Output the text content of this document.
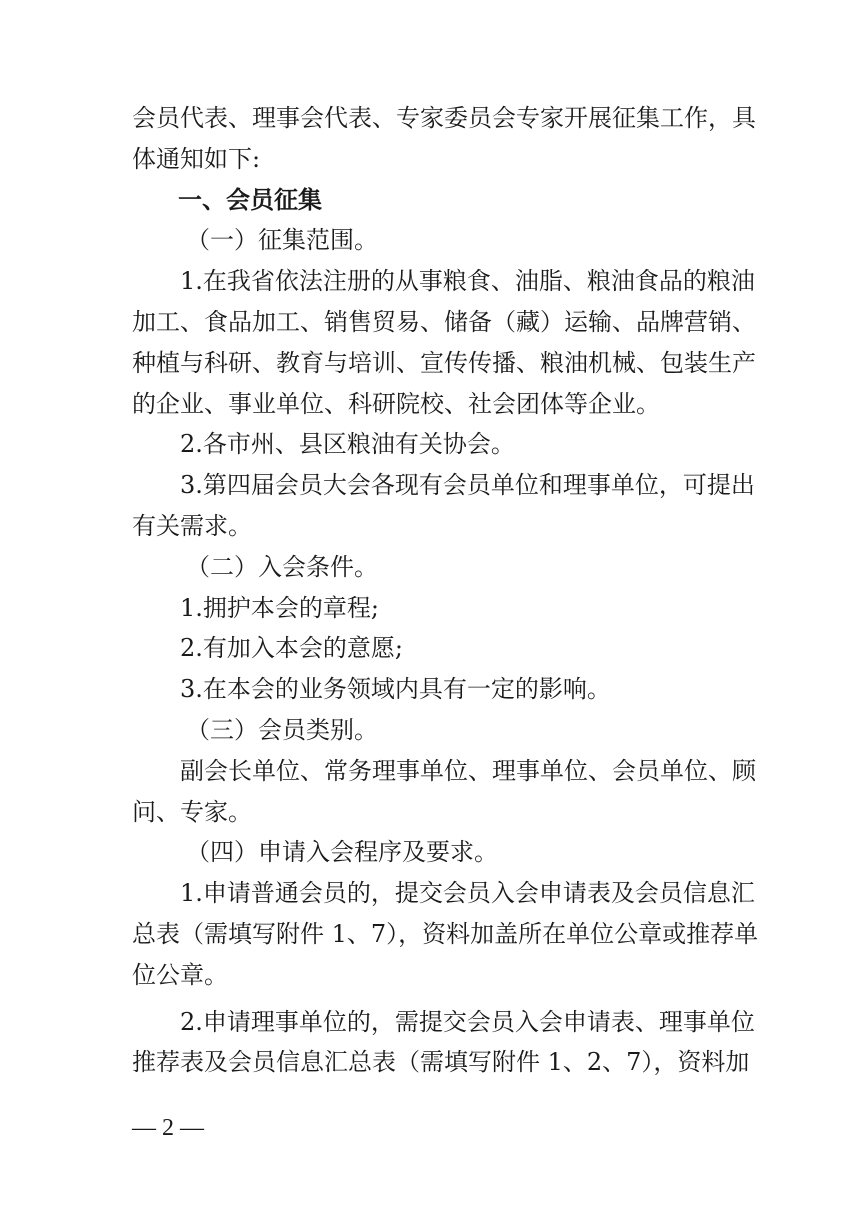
会员代表、理事会代表、专家委员会专家开展征集工作，具
体通知如下:
一、会员征集
（一）征集范围。
1.在我省依法注册的从事粮食、油脂、粮油食品的粮油
加工、食品加工、销售贸易、储备（藏）运输、品牌营销、
种植与科研、教育与培训、宣传传播、粮油机械、包装生产
的企业、事业单位、科研院校、社会团体等企业。
2.各市州、县区粮油有关协会。
3.第四届会员大会各现有会员单位和理事单位，可提出
有关需求。
（二）入会条件。
1.拥护本会的章程;
2.有加入本会的意愿;
3.在本会的业务领域内具有一定的影响。
（三）会员类别。
副会长单位、常务理事单位、理事单位、会员单位、顾
问、专家。
（四）申请入会程序及要求。
1.申请普通会员的，提交会员入会申请表及会员信息汇
总表（需填写附件 1、7），资料加盖所在单位公章或推荐单
位公章。
2.申请理事单位的，需提交会员入会申请表、理事单位
推荐表及会员信息汇总表（需填写附件 1、2、7），资料加
— 2 —
